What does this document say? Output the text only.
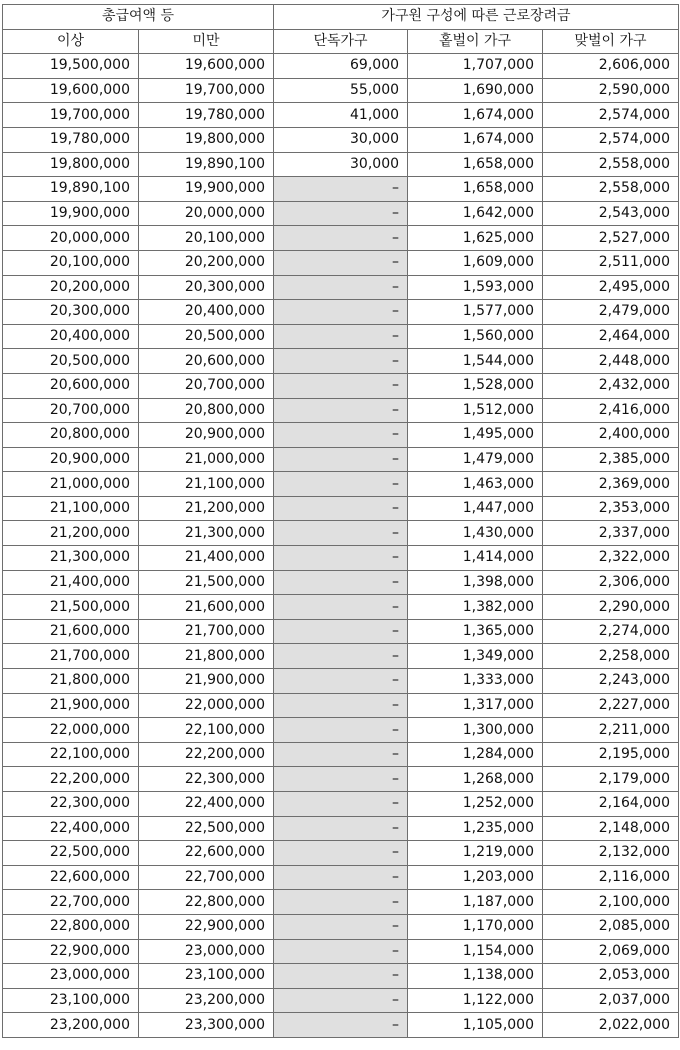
총급여액 등		가구원 구성에 따른 근로장려금		
이상	미만	단독가구	홑벌이 가구	맞벌이 가구
19,500,000	19,600,000	69,000	1,707,000	2,606,000
19,600,000	19,700,000	55,000	1,690,000	2,590,000
19,700,000	19,780,000	41,000	1,674,000	2,574,000
19,780,000	19,800,000	30,000	1,674,000	2,574,000
19,800,000	19,890,100	30,000	1,658,000	2,558,000
19,890,100	19,900,000	–	1,658,000	2,558,000
19,900,000	20,000,000	–	1,642,000	2,543,000
20,000,000	20,100,000	–	1,625,000	2,527,000
20,100,000	20,200,000	–	1,609,000	2,511,000
20,200,000	20,300,000	–	1,593,000	2,495,000
20,300,000	20,400,000	–	1,577,000	2,479,000
20,400,000	20,500,000	–	1,560,000	2,464,000
20,500,000	20,600,000	–	1,544,000	2,448,000
20,600,000	20,700,000	–	1,528,000	2,432,000
20,700,000	20,800,000	–	1,512,000	2,416,000
20,800,000	20,900,000	–	1,495,000	2,400,000
20,900,000	21,000,000	–	1,479,000	2,385,000
21,000,000	21,100,000	–	1,463,000	2,369,000
21,100,000	21,200,000	–	1,447,000	2,353,000
21,200,000	21,300,000	–	1,430,000	2,337,000
21,300,000	21,400,000	–	1,414,000	2,322,000
21,400,000	21,500,000	–	1,398,000	2,306,000
21,500,000	21,600,000	–	1,382,000	2,290,000
21,600,000	21,700,000	–	1,365,000	2,274,000
21,700,000	21,800,000	–	1,349,000	2,258,000
21,800,000	21,900,000	–	1,333,000	2,243,000
21,900,000	22,000,000	–	1,317,000	2,227,000
22,000,000	22,100,000	–	1,300,000	2,211,000
22,100,000	22,200,000	–	1,284,000	2,195,000
22,200,000	22,300,000	–	1,268,000	2,179,000
22,300,000	22,400,000	–	1,252,000	2,164,000
22,400,000	22,500,000	–	1,235,000	2,148,000
22,500,000	22,600,000	–	1,219,000	2,132,000
22,600,000	22,700,000	–	1,203,000	2,116,000
22,700,000	22,800,000	–	1,187,000	2,100,000
22,800,000	22,900,000	–	1,170,000	2,085,000
22,900,000	23,000,000	–	1,154,000	2,069,000
23,000,000	23,100,000	–	1,138,000	2,053,000
23,100,000	23,200,000	–	1,122,000	2,037,000
23,200,000	23,300,000	–	1,105,000	2,022,000
